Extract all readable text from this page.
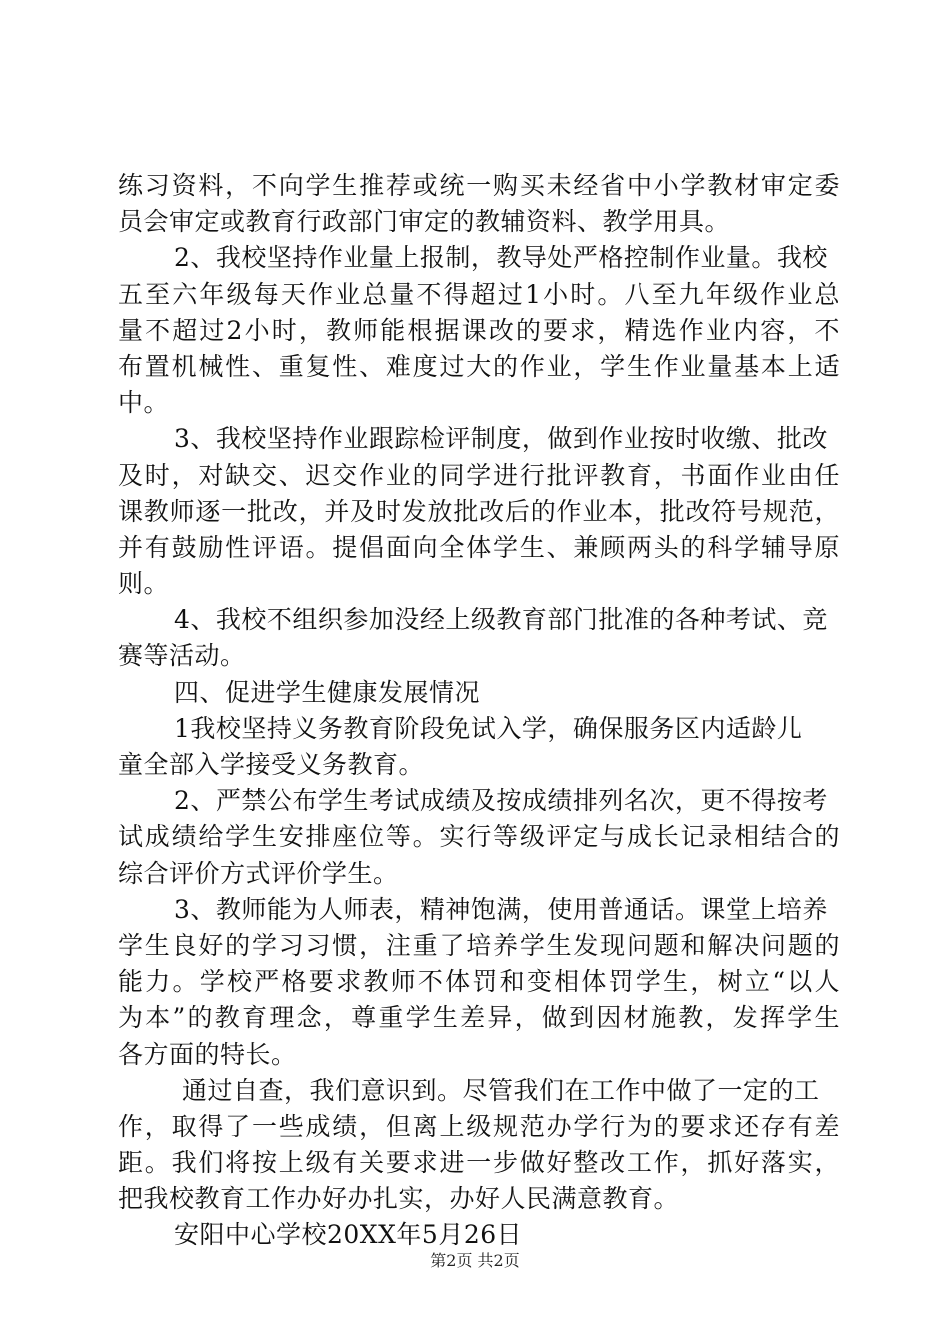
练习资料，不向学生推荐或统一购买未经省中小学教材审定委
员会审定或教育行政部门审定的教辅资料、教学用具。
2、我校坚持作业量上报制，教导处严格控制作业量。我校
五至六年级每天作业总量不得超过1小时。八至九年级作业总
量不超过2小时，教师能根据课改的要求，精选作业内容，不
布置机械性、重复性、难度过大的作业，学生作业量基本上适
中。
3、我校坚持作业跟踪检评制度，做到作业按时收缴、批改
及时，对缺交、迟交作业的同学进行批评教育，书面作业由任
课教师逐一批改，并及时发放批改后的作业本，批改符号规范，
并有鼓励性评语。提倡面向全体学生、兼顾两头的科学辅导原
则。
4、我校不组织参加没经上级教育部门批准的各种考试、竞
赛等活动。
四、促进学生健康发展情况
1我校坚持义务教育阶段免试入学，确保服务区内适龄儿
童全部入学接受义务教育。
2、严禁公布学生考试成绩及按成绩排列名次，更不得按考
试成绩给学生安排座位等。实行等级评定与成长记录相结合的
综合评价方式评价学生。
3、教师能为人师表，精神饱满，使用普通话。课堂上培养
学生良好的学习习惯，注重了培养学生发现问题和解决问题的
能力。学校严格要求教师不体罚和变相体罚学生，树立“以人
为本”的教育理念，尊重学生差异，做到因材施教，发挥学生
各方面的特长。
通过自查，我们意识到。尽管我们在工作中做了一定的工
作，取得了一些成绩，但离上级规范办学行为的要求还存有差
距。我们将按上级有关要求进一步做好整改工作，抓好落实，
把我校教育工作办好办扎实，办好人民满意教育。
安阳中心学校20XX年5月26日
第2页 共2页
